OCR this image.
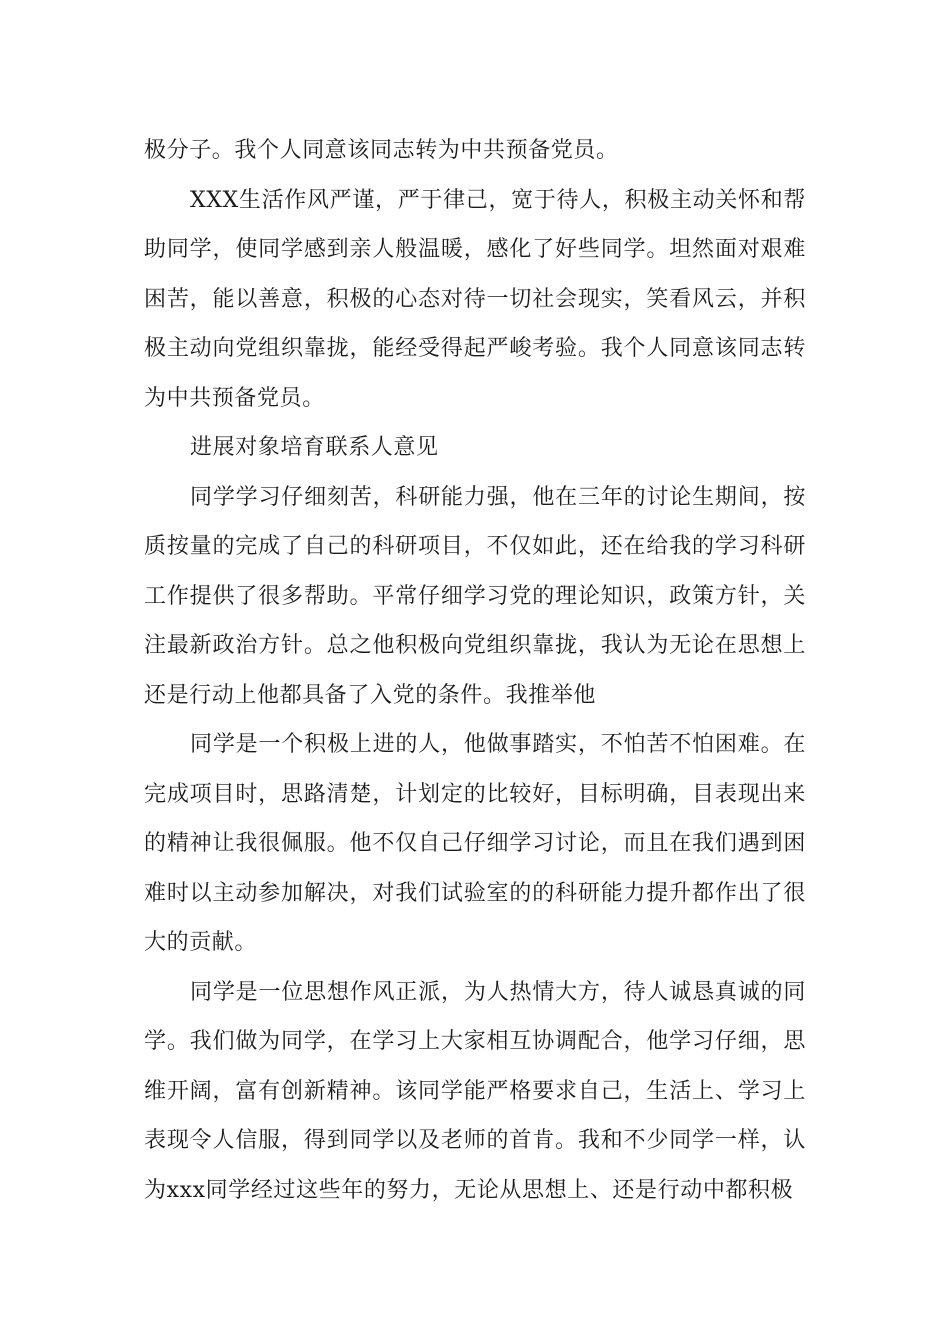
极分子。我个人同意该同志转为中共预备党员。

XXX生活作风严谨，严于律己，宽于待人，积极主动关怀和帮助同学，使同学感到亲人般温暖，感化了好些同学。坦然面对艰难困苦，能以善意，积极的心态对待一切社会现实，笑看风云，并积极主动向党组织靠拢，能经受得起严峻考验。我个人同意该同志转为中共预备党员。

进展对象培育联系人意见

同学学习仔细刻苦，科研能力强，他在三年的讨论生期间，按质按量的完成了自己的科研项目，不仅如此，还在给我的学习科研工作提供了很多帮助。平常仔细学习党的理论知识，政策方针，关注最新政治方针。总之他积极向党组织靠拢，我认为无论在思想上还是行动上他都具备了入党的条件。我推举他

同学是一个积极上进的人，他做事踏实，不怕苦不怕困难。在完成项目时，思路清楚，计划定的比较好，目标明确，目表现出来的精神让我很佩服。他不仅自己仔细学习讨论，而且在我们遇到困难时以主动参加解决，对我们试验室的的科研能力提升都作出了很大的贡献。

同学是一位思想作风正派，为人热情大方，待人诚恳真诚的同学。我们做为同学，在学习上大家相互协调配合，他学习仔细，思维开阔，富有创新精神。该同学能严格要求自己，生活上、学习上表现令人信服，得到同学以及老师的首肯。我和不少同学一样，认为xxx同学经过这些年的努力，无论从思想上、还是行动中都积极
